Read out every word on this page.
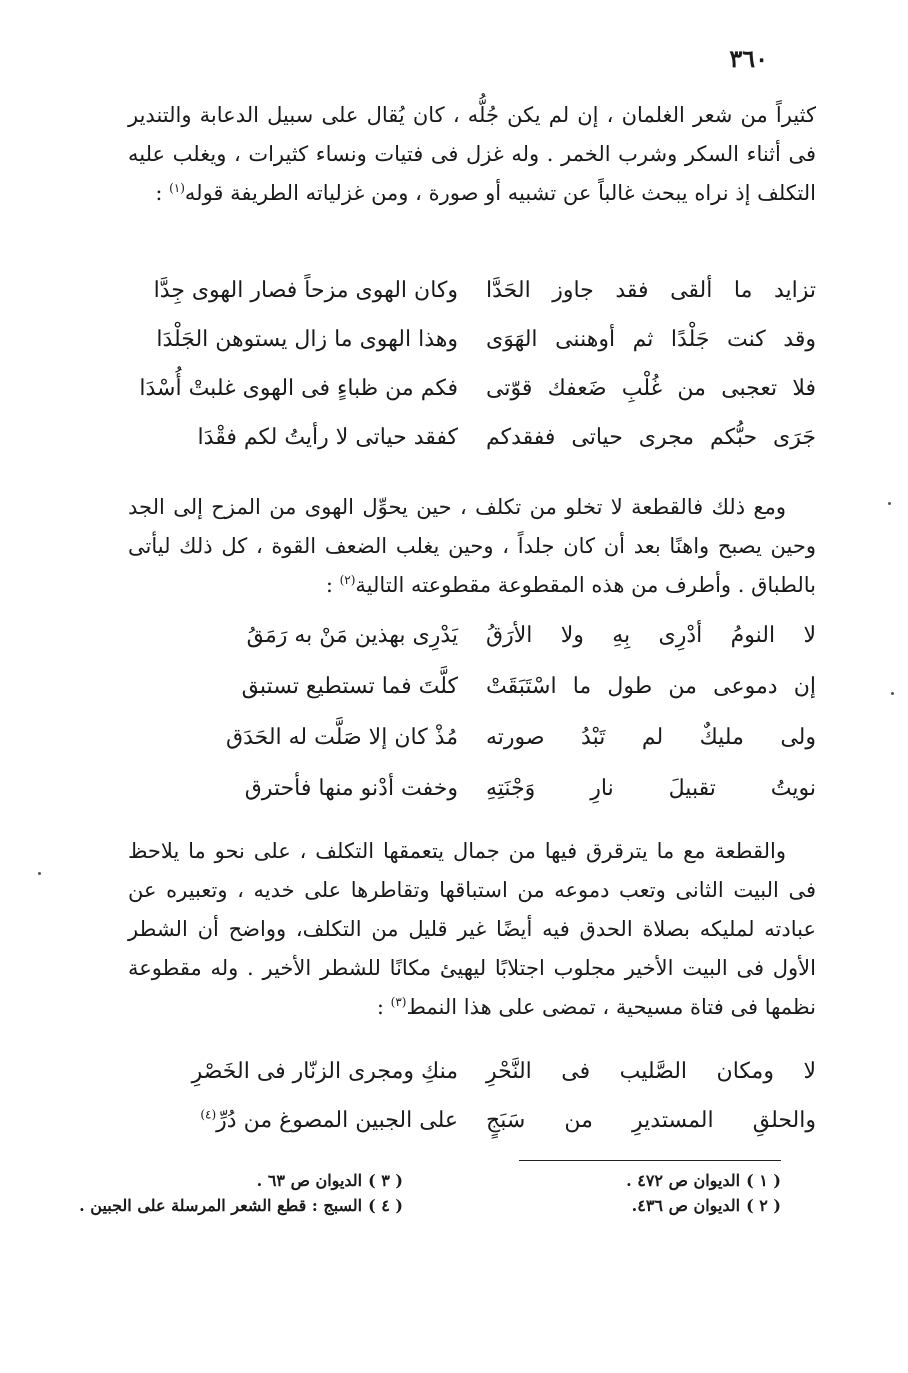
٣٦٠

كثيراً من شعر الغلمان ، إن لم يكن جُلُّه ، كان يُقال على سبيل الدعابة والتندير فى أثناء السكر وشرب الخمر . وله غزل فى فتيات ونساء كثيرات ، ويغلب عليه التكلف إذ نراه يبحث غالباً عن تشبيه أو صورة ، ومن غزلياته الطريفة قوله$^{(١)}$ :

تزايد ما ألقى فقد جاوز الحَدَّا
وكان الهوى مزحاً فصار الهوى جِدَّا
وقد كنت جَلْدًا ثم أوهننى الهَوَى
وهذا الهوى ما زال يستوهن الجَلْدَا
فلا تعجبى من غُلْبِ ضَعفك قوّتى
فكم من ظباءٍ فى الهوى غلبتْ أُسْدَا
جَرَى حبُّكم مجرى حياتى ففقدكم
كفقد حياتى لا رأيتُ لكم فقْدَا

ومع ذلك فالقطعة لا تخلو من تكلف ، حين يحوِّل الهوى من المزح إلى الجد وحين يصبح واهنًا بعد أن كان جلداً ، وحين يغلب الضعف القوة ، كل ذلك ليأتى بالطباق . وأطرف من هذه المقطوعة مقطوعته التالية$^{(٢)}$ :

لا النومُ أدْرِى بِهِ ولا الأرَقُ
يَدْرِى بهذين مَنْ به رَمَقُ
إن دموعى من طول ما اسْتَبَقَتْ
كلَّتَ فما تستطيع تستبق
ولى مليكٌ لم تَبْدُ صورته
مُذْ كان إلا صَلَّت له الحَدَق
نويتُ تقبيلَ نارِ وَجْنَتِهِ
وخفت أدْنو منها فأحترق

والقطعة مع ما يترقرق فيها من جمال يتعمقها التكلف ، على نحو ما يلاحظ فى البيت الثانى وتعب دموعه من استباقها وتقاطرها على خديه ، وتعبيره عن عبادته لمليكه بصلاة الحدق فيه أيضًا غير قليل من التكلف، وواضح أن الشطر الأول فى البيت الأخير مجلوب اجتلابًا ليهيئ مكانًا للشطر الأخير . وله مقطوعة نظمها فى فتاة مسيحية ، تمضى على هذا النمط$^{(٣)}$ :

لا ومكان الصَّليب فى النَّحْرِ
منكِ ومجرى الزنّار فى الخَصْرِ
والحلقِ المستديرِ من سَبَجٍ
على الجبين المصوغ من دُرِّ$^{(٤)}$
( ١ )الديوان ص ٤٧٢ .
( ٢ )الديوان ص ٤٣٦.
( ٣ )الديوان ص ٦٣ .
( ٤ )السبج : قطع الشعر المرسلة على الجبين .
